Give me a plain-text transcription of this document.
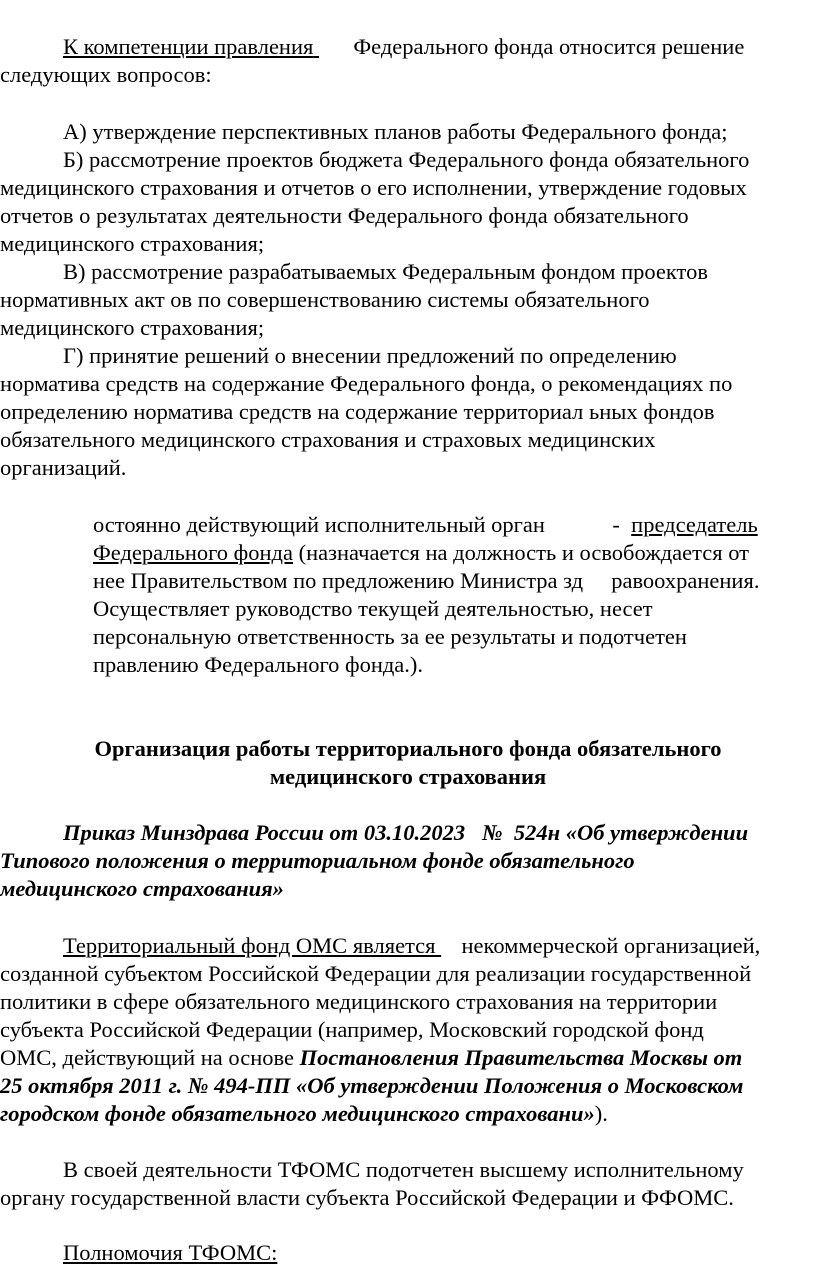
К компетенции правления Федерального фонда относится решение
следующих вопросов:
А) утверждение перспективных планов работы Федерального фонда;
Б) рассмотрение проектов бюджета Федерального фонда обязательного
медицинского страхования и отчетов о его исполнении, утверждение годовых
отчетов о результатах деятельности Федерального фонда обязательного
медицинского страхования;
В) рассмотрение разрабатываемых Федеральным фондом проектов
нормативных акт ов по совершенствованию системы обязательного
медицинского страхования;
Г) принятие решений о внесении предложений по определению
норматива средств на содержание Федерального фонда, о рекомендациях по
определению норматива средств на содержание территориал ьных фондов
обязательного медицинского страхования и страховых медицинских
организаций.
остоянно действующий исполнительный орган            -  председатель
Федерального фонда (назначается на должность и освобождается от
нее Правительством по предложению Министра зд     равоохранения.
Осуществляет руководство текущей деятельностью, несет
персональную ответственность за ее результаты и подотчетен
правлению Федерального фонда.).
Организация работы территориального фонда обязательного
медицинского страхования
Приказ Минздрава России от 03.10.2023   №  524н «Об утверждении
Типового положения о территориальном фонде обязательного
медицинского страхования»
Территориальный фонд ОМС является некоммерческой организацией,
созданной субъектом Российской Федерации для реализации государственной
политики в сфере обязательного медицинского страхования на территории
субъекта Российской Федерации (например, Московский городской фонд
ОМС, действующий на основе Постановления Правительства Москвы от
25 октября 2011 г. № 494-ПП «Об утверждении Положения о Московском
городском фонде обязательного медицинского страховани»).
В своей деятельности ТФОМС подотчетен высшему исполнительному
органу государственной власти субъекта Российской Федерации и ФФОМС.
Полномочия ТФОМС:
